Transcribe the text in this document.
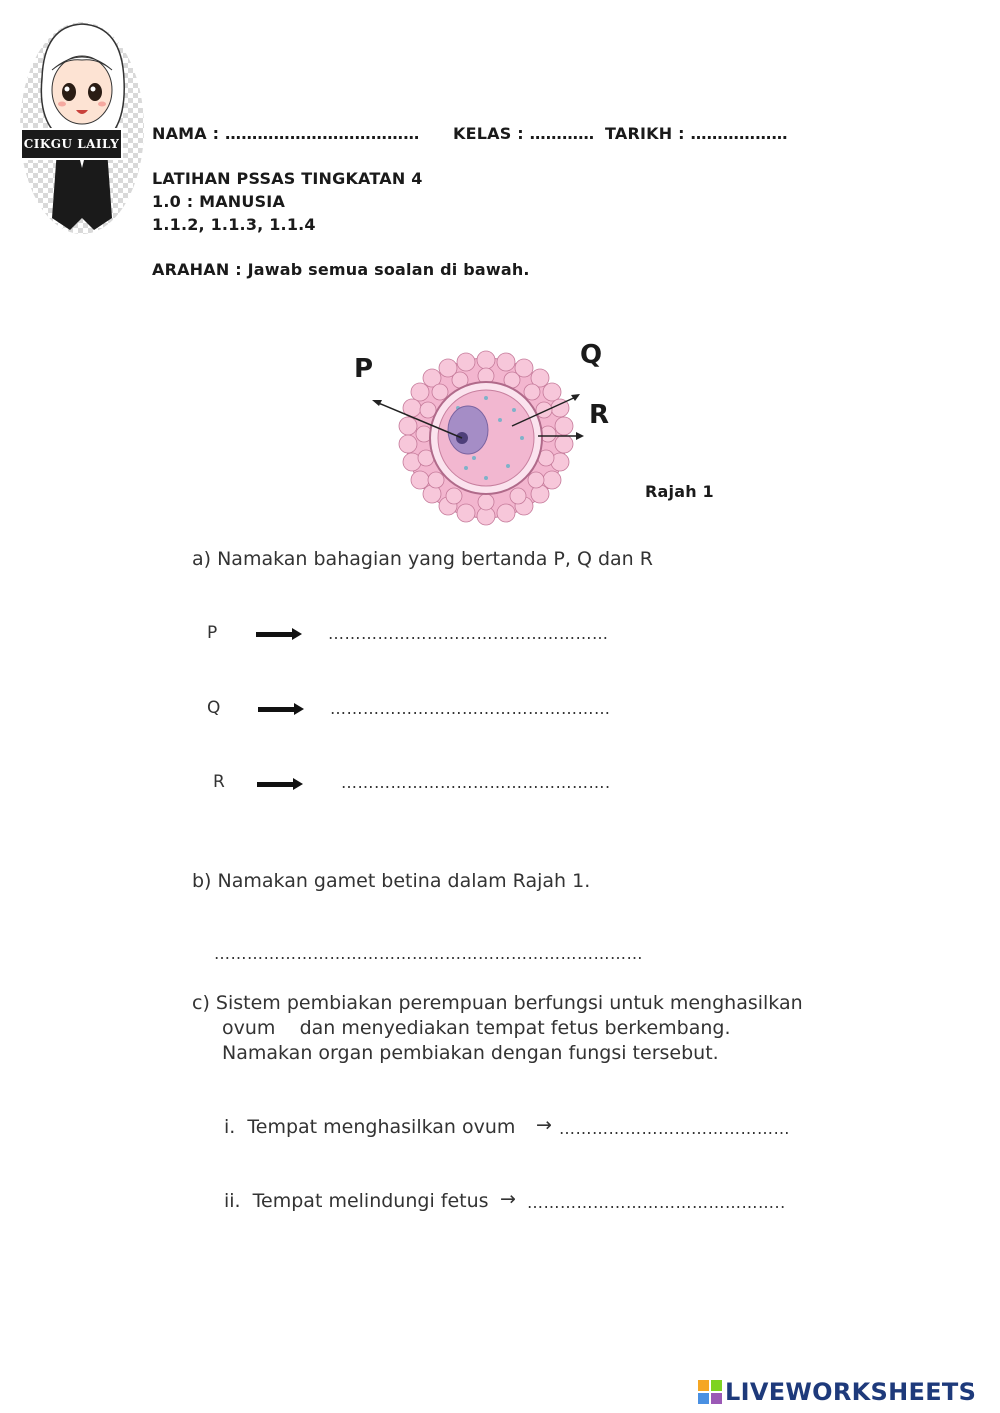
CIKGU LAILY
NAMA : ……………………………… KELAS : ………… TARIKH : ………………
LATIHAN PSSAS TINGKATAN 4
1.0 : MANUSIA
1.1.2, 1.1.3, 1.1.4
ARAHAN : Jawab semua soalan di bawah.
P	Q
R
Rajah 1
a) Namakan bahagian yang bertanda P, Q dan R
P	……………………………………………
Q	……………………………………………
R	………………………………………….
b) Namakan gamet betina dalam Rajah 1.
……………………………………………………………………
c) Sistem pembiakan perempuan berfungsi untuk menghasilkan
ovum    dan menyediakan tempat fetus berkembang.
Namakan organ pembiakan dengan fungsi tersebut.
i.  Tempat menghasilkan ovum → ……………………………………
ii.  Tempat melindungi fetus → ………………………………………..
LIVEWORKSHEETS
